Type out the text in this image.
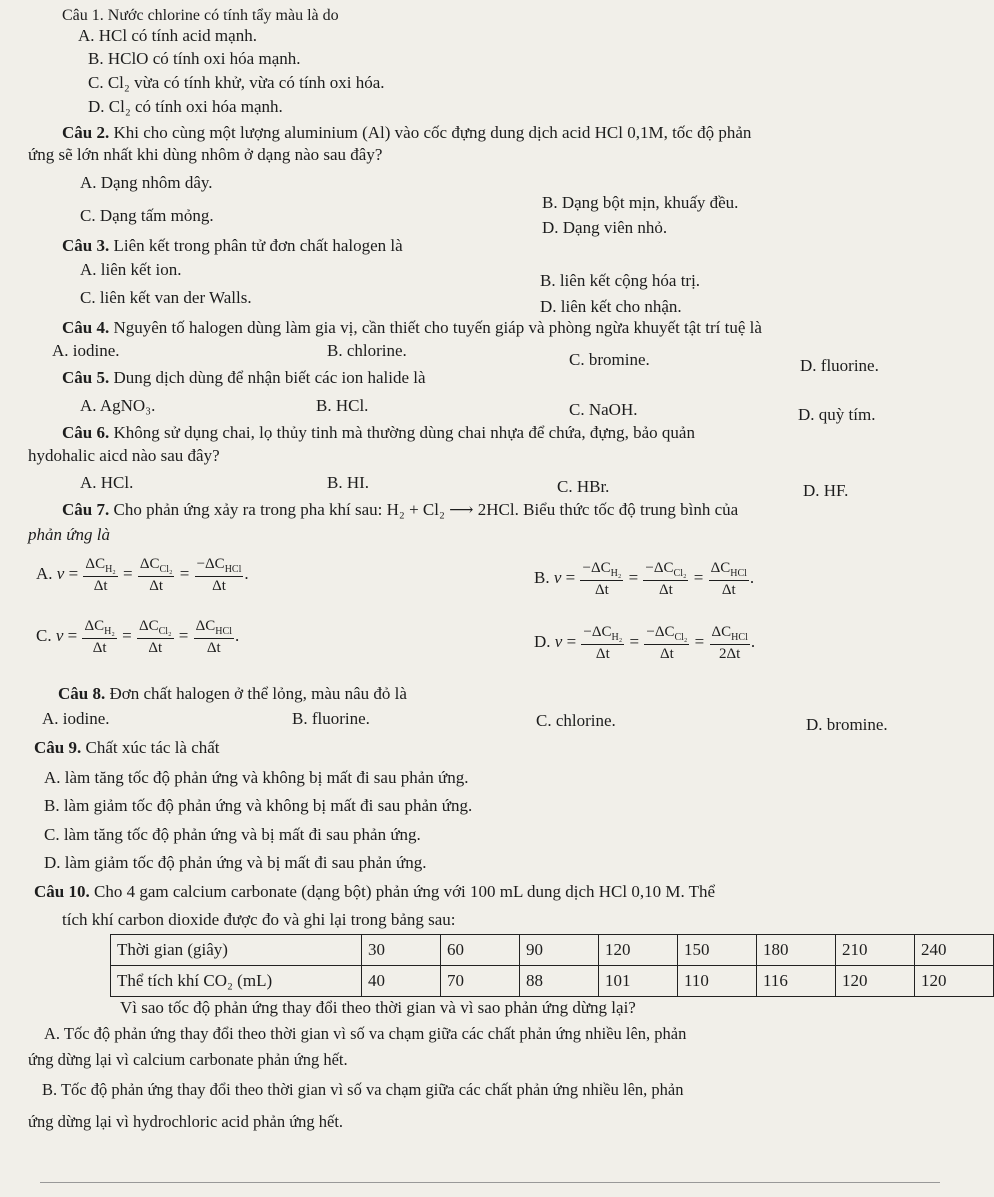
Câu 1. Nước chlorine có tính tẩy màu là do
A. HCl có tính acid mạnh.
B. HClO có tính oxi hóa mạnh.
C. Cl₂ vừa có tính khử, vừa có tính oxi hóa.
D. Cl₂ có tính oxi hóa mạnh.
Câu 2. Khi cho cùng một lượng aluminium (Al) vào cốc đựng dung dịch acid HCl 0,1M, tốc độ phản
ứng sẽ lớn nhất khi dùng nhôm ở dạng nào sau đây?
A. Dạng nhôm dây.
B. Dạng bột mịn, khuấy đều.
C. Dạng tấm mỏng.
D. Dạng viên nhỏ.
Câu 3. Liên kết trong phân tử đơn chất halogen là
A. liên kết ion.
B. liên kết cộng hóa trị.
C. liên kết van der Walls.	D. liên kết cho nhận.
Câu 4. Nguyên tố halogen dùng làm gia vị, cần thiết cho tuyến giáp và phòng ngừa khuyết tật trí tuệ là
A. iodine.	B. chlorine.	C. bromine.	D. fluorine.
Câu 5. Dung dịch dùng để nhận biết các ion halide là
A. AgNO₃.	B. HCl.	C. NaOH.	D. quỳ tím.
Câu 6. Không sử dụng chai, lọ thủy tinh mà thường dùng chai nhựa để chứa, đựng, bảo quản
hydohalic aicd nào sau đây?
A. HCl.	B. HI.	C. HBr.	D. HF.
Câu 7. Cho phản ứng xảy ra trong pha khí sau: H₂ + Cl₂ ⟶ 2HCl. Biểu thức tốc độ trung bình của
phản ứng là
A. $v = \frac{\Delta C_{H_2}}{\Delta t} = \frac{\Delta C_{Cl_2}}{\Delta t} = \frac{-\Delta C_{HCl}}{\Delta t}$ .	B. $v = \frac{-\Delta C_{H_2}}{\Delta t} = \frac{-\Delta C_{Cl_2}}{\Delta t} = \frac{\Delta C_{HCl}}{\Delta t}$ .
C. $v = \frac{\Delta C_{H_2}}{\Delta t} = \frac{\Delta C_{Cl_2}}{\Delta t} = \frac{\Delta C_{HCl}}{\Delta t}$ .	D. $v = \frac{-\Delta C_{H_2}}{\Delta t} = \frac{-\Delta C_{Cl_2}}{\Delta t} = \frac{\Delta C_{HCl}}{2\Delta t}$ .
Câu 8. Đơn chất halogen ở thể lỏng, màu nâu đỏ là
A. iodine.	B. fluorine.	C. chlorine.	D. bromine.
Câu 9. Chất xúc tác là chất
A. làm tăng tốc độ phản ứng và không bị mất đi sau phản ứng.
B. làm giảm tốc độ phản ứng và không bị mất đi sau phản ứng.
C. làm tăng tốc độ phản ứng và bị mất đi sau phản ứng.
D. làm giảm tốc độ phản ứng và bị mất đi sau phản ứng.
Câu 10. Cho 4 gam calcium carbonate (dạng bột) phản ứng với 100 mL dung dịch HCl 0,10 M. Thể
tích khí carbon dioxide được đo và ghi lại trong bảng sau:
Thời gian (giây)	30	60	90	120	150	180	210	240
Thể tích khí CO₂ (mL)	40	70	88	101	110	116	120	120
Vì sao tốc độ phản ứng thay đổi theo thời gian và vì sao phản ứng dừng lại?
A. Tốc độ phản ứng thay đổi theo thời gian vì số va chạm giữa các chất phản ứng nhiều lên, phản
ứng dừng lại vì calcium carbonate phản ứng hết.
B. Tốc độ phản ứng thay đổi theo thời gian vì số va chạm giữa các chất phản ứng nhiều lên, phản
ứng dừng lại vì hydrochloric acid phản ứng hết.
